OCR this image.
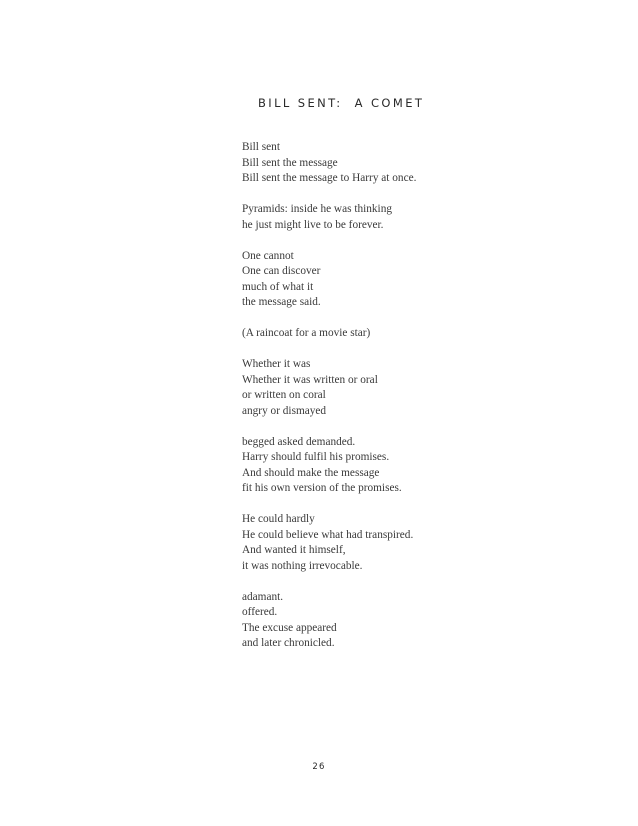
BILL SENT:  A COMET
Bill sent
Bill sent the message
Bill sent the message to Harry at once.
Pyramids: inside he was thinking
he just might live to be forever.
One cannot
One can discover
much of what it
the message said.
(A raincoat for a movie star)
Whether it was
Whether it was written or oral
or written on coral
angry or dismayed
begged asked demanded.
Harry should fulfil his promises.
And should make the message
fit his own version of the promises.
He could hardly
He could believe what had transpired.
And wanted it himself,
it was nothing irrevocable.
adamant.
offered.
The excuse appeared
and later chronicled.
26
